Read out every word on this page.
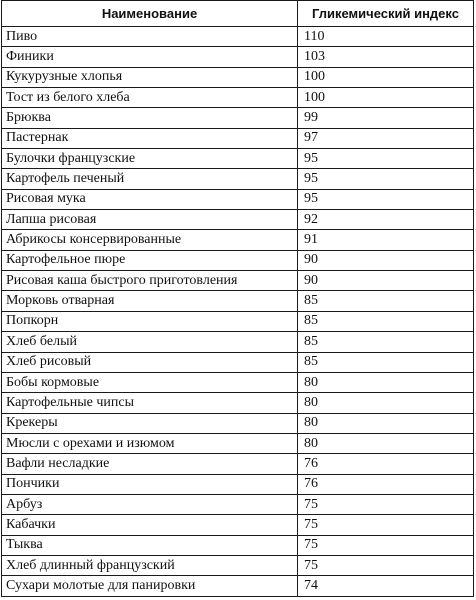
Наименование	Гликемический индекс
Пиво	110
Финики	103
Кукурузные хлопья	100
Тост из белого хлеба	100
Брюква	99
Пастернак	97
Булочки французские	95
Картофель печеный	95
Рисовая мука	95
Лапша рисовая	92
Абрикосы консервированные	91
Картофельное пюре	90
Рисовая каша быстрого приготовления	90
Морковь отварная	85
Попкорн	85
Хлеб белый	85
Хлеб рисовый	85
Бобы кормовые	80
Картофельные чипсы	80
Крекеры	80
Мюсли с орехами и изюмом	80
Вафли несладкие	76
Пончики	76
Арбуз	75
Кабачки	75
Тыква	75
Хлеб длинный французский	75
Сухари молотые для панировки	74
